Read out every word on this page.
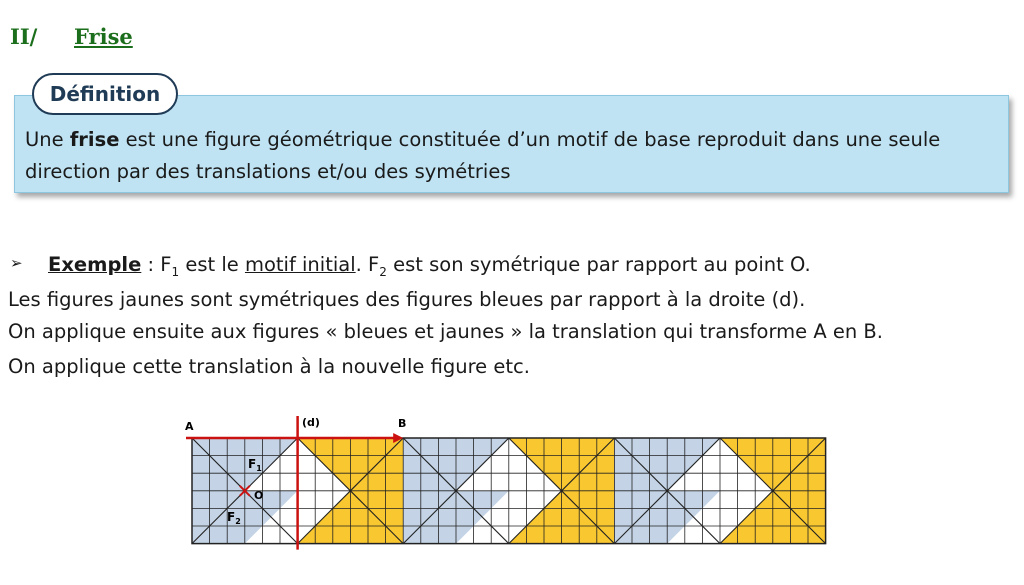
II/ Frise
Une frise est une figure géométrique constituée d’un motif de base reproduit dans une seule direction par des translations et/ou des symétries
Définition
➢ Exemple : $F_1$ est le motif initial. $F_2$ est son symétrique par rapport au point O.
Les figures jaunes sont symétriques des figures bleues par rapport à la droite (d).
On applique ensuite aux figures « bleues et jaunes » la translation qui transforme A en B.
On applique cette translation à la nouvelle figure etc.
A	B
(d)
O
$F_1$
$F_2$
